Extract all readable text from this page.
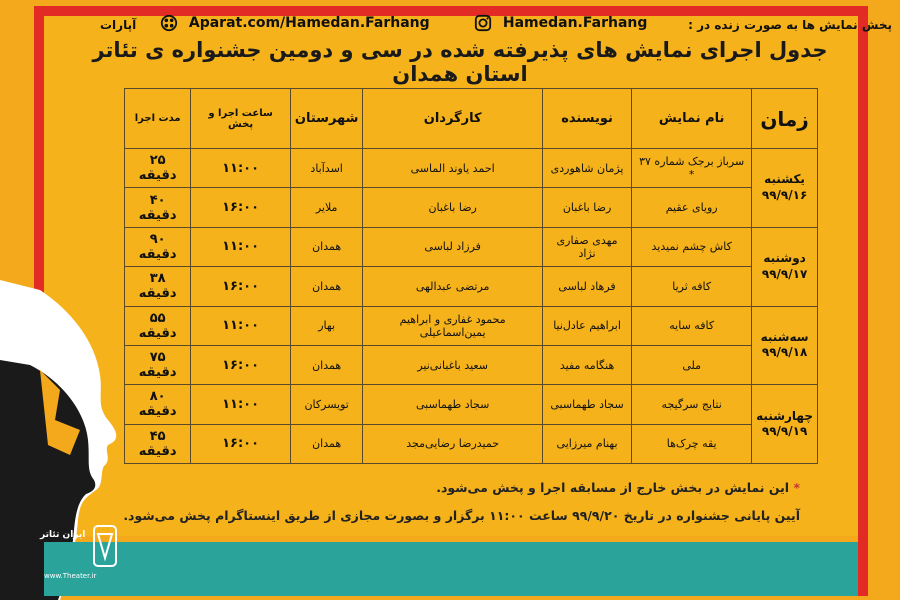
جدول اجرای نمایش های پذیرفته شده در سی و دومین جشنواره ی تئاتر استان همدان
زمان	نام نمایش	نویسنده	کارگردان	شهرستان	ساعت اجرا و پخش	مدت اجرا

یکشنبه
۹۹/۹/۱۶	سرباز برجک شماره ۳۷ *	پژمان شاهوردی	احمد یاوند الماسی	اسدآباد	۱۱:۰۰	۲۵ دقیقه
	رویای عقیم	رضا باغبان	رضا باغبان	ملایر	۱۶:۰۰	۴۰ دقیقه

دوشنبه
۹۹/۹/۱۷	کاش چشم نمیدید	مهدی صفاری نژاد	فرزاد لباسی	همدان	۱۱:۰۰	۹۰ دقیقه
	کافه ثریا	فرهاد لباسی	مرتضی عبدالهی	همدان	۱۶:۰۰	۳۸ دقیقه

سه‌شنبه
۹۹/۹/۱۸	کافه سایه	ابراهیم عادل‌نیا	محمود غفاری و ابراهیم یمین‌اسماعیلی	بهار	۱۱:۰۰	۵۵ دقیقه
	ملی	هنگامه مفید	سعید باغبانی‌نیر	همدان	۱۶:۰۰	۷۵ دقیقه

چهارشنبه
۹۹/۹/۱۹	نتایج سرگیجه	سجاد طهماسبی	سجاد طهماسبی	تویسرکان	۱۱:۰۰	۸۰ دقیقه
	یقه چرک‌ها	بهنام میرزایی	حمیدرضا رضایی‌مجد	همدان	۱۶:۰۰	۴۵ دقیقه
* این نمایش در بخش خارج از مسابقه اجرا و پخش می‌شود.
آیین پایانی جشنواره در تاریخ ۹۹/۹/۲۰ ساعت ۱۱:۰۰ برگزار و بصورت مجازی از طریق اینستاگرام پخش می‌شود.
پخش نمایش ها به صورت زنده در :
Hamedan.Farhang
Aparat.com/Hamedan.Farhang
آپارات
ایران تئاتر
www.Theater.ir
